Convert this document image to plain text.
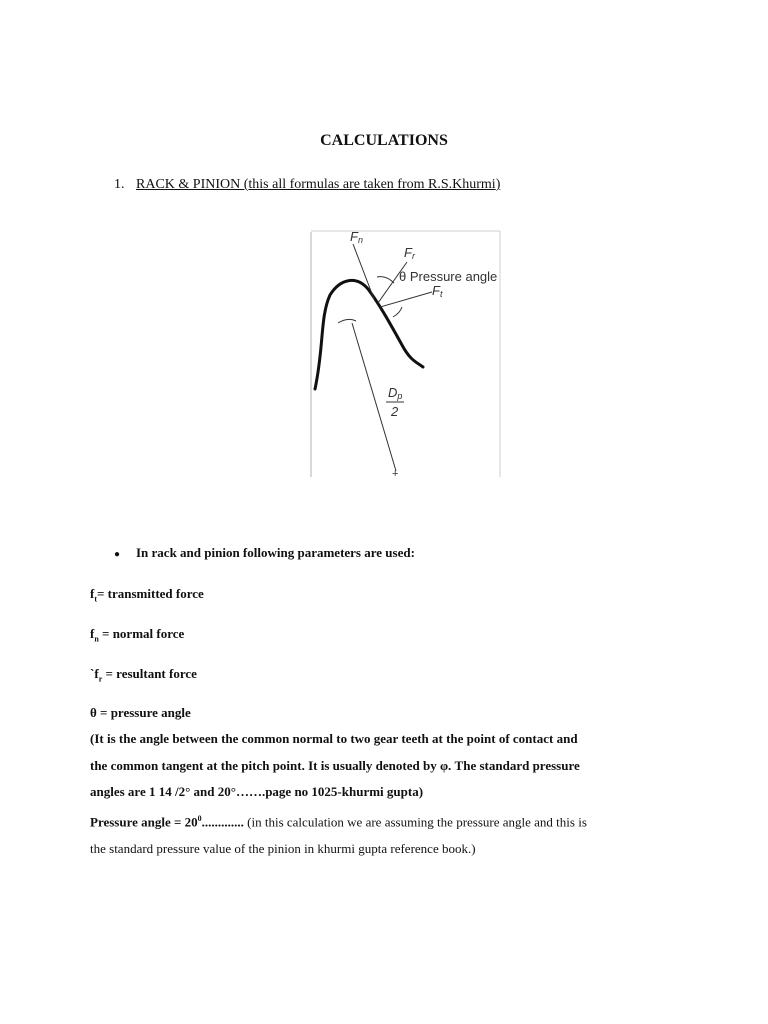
CALCULATIONS
1. RACK & PINION (this all formulas are taken from R.S.Khurmi)
Fn
Fr
θ Pressure angle
Ft
Dp
2
+
● In rack and pinion following parameters are used:
$f_t=$ transmitted force
$f_n$ = normal force
$`f_r$ = resultant force
θ = pressure angle
(It is the angle between the common normal to two gear teeth at the point of contact and
the common tangent at the pitch point. It is usually denoted by φ. The standard pressure
angles are 1 14 /2° and 20°…….page no 1025-khurmi gupta)
Pressure angle = $20^0$............. (in this calculation we are assuming the pressure angle and this is
the standard pressure value of the pinion in khurmi gupta reference book.)
